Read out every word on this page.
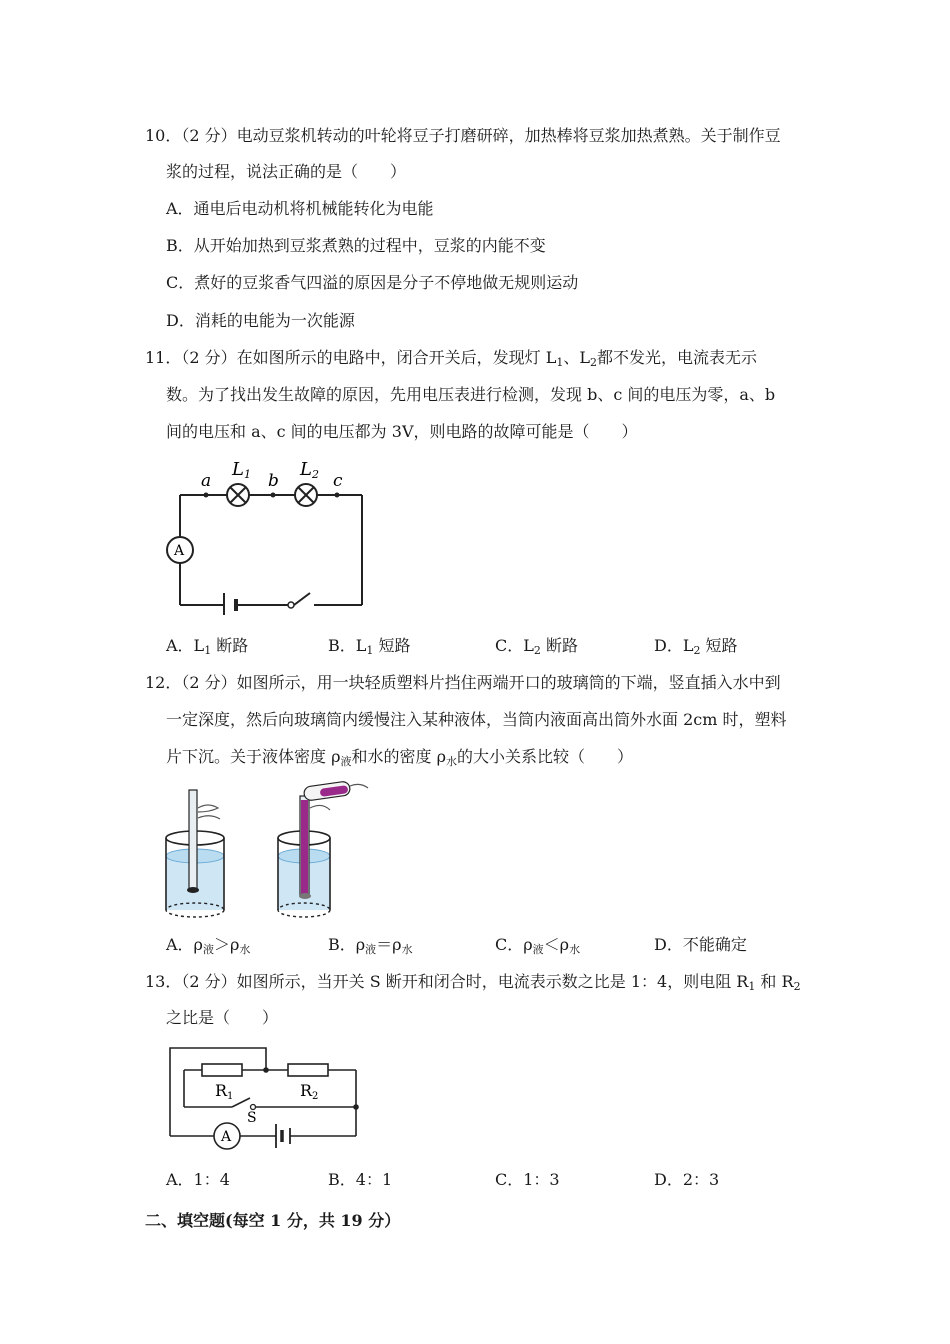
10．（2 分）电动豆浆机转动的叶轮将豆子打磨研碎，加热棒将豆浆加热煮熟。关于制作豆
浆的过程，说法正确的是（　　）
A．通电后电动机将机械能转化为电能
B．从开始加热到豆浆煮熟的过程中，豆浆的内能不变
C．煮好的豆浆香气四溢的原因是分子不停地做无规则运动
D．消耗的电能为一次能源
11．（2 分）在如图所示的电路中，闭合开关后，发现灯 $L_1$、$L_2$都不发光，电流表无示
数。为了找出发生故障的原因，先用电压表进行检测，发现 b、c 间的电压为零，a、b
间的电压和 a、c 间的电压都为 3V，则电路的故障可能是（　　）
a	b	c
L1	L2
A
A．$L_1$ 断路	B．$L_1$ 短路	C．$L_2$ 断路	D．$L_2$ 短路
12．（2 分）如图所示，用一块轻质塑料片挡住两端开口的玻璃筒的下端，竖直插入水中到
一定深度，然后向玻璃筒内缓慢注入某种液体，当筒内液面高出筒外水面 2cm 时，塑料
片下沉。关于液体密度 $\rho_液$和水的密度 $\rho_水$的大小关系比较（　　）
A．$\rho_液>\rho_水$	B．$\rho_液=\rho_水$	C．$\rho_液<\rho_水$	D．不能确定
13．（2 分）如图所示，当开关 S 断开和闭合时，电流表示数之比是 1：4，则电阻 $R_1$ 和 $R_2$
之比是（　　）
R1	R2
S
A
A．1：4	B．4：1	C．1：3	D．2：3
二、填空题(每空 1 分，共 19 分）
